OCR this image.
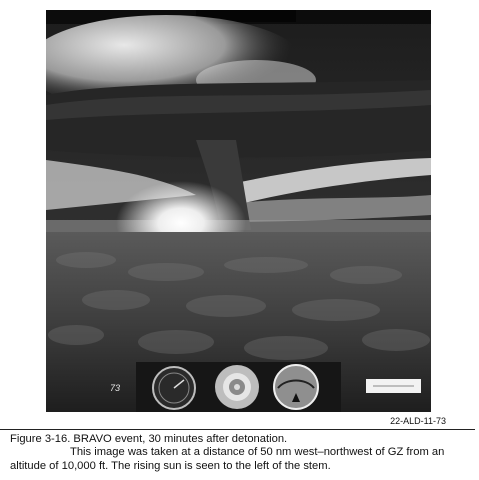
73
22-ALD-11-73
Figure 3-16. BRAVO event, 30 minutes after detonation.
This image was taken at a distance of 50 nm west–northwest of GZ from an
altitude of 10,000 ft. The rising sun is seen to the left of the stem.
